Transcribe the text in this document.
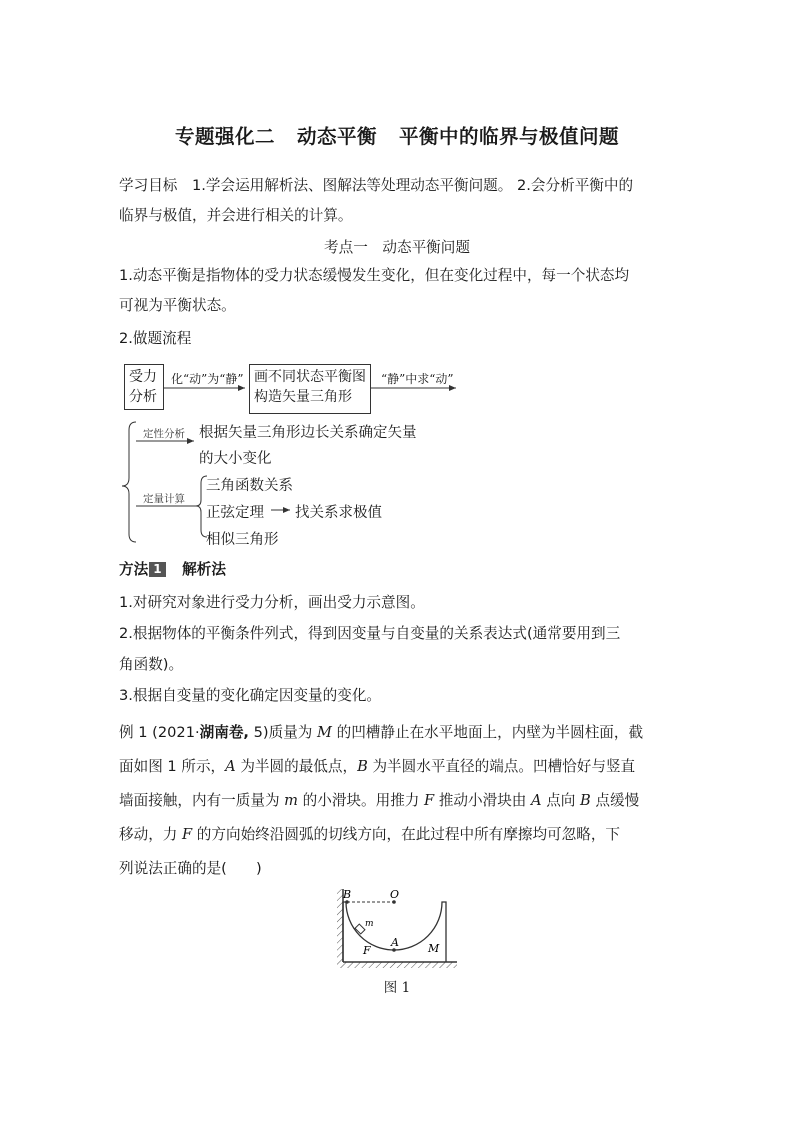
专题强化二 动态平衡 平衡中的临界与极值问题
学习目标　1.学会运用解析法、图解法等处理动态平衡问题。 2.会分析平衡中的
临界与极值，并会进行相关的计算。
考点一　动态平衡问题
1.动态平衡是指物体的受力状态缓慢发生变化，但在变化过程中，每一个状态均
可视为平衡状态。
2.做题流程
受力
分析
化“动”为“静” 画不同状态平衡图
构造矢量三角形
“静”中求“动”
定性分析 根据矢量三角形边长关系确定矢量
的大小变化
定量计算
三角函数关系
正弦定理
相似三角形
找关系求极值
方法 1　 解析法
1.对研究对象进行受力分析，画出受力示意图。
2.根据物体的平衡条件列式，得到因变量与自变量的关系表达式(通常要用到三
角函数)。
3.根据自变量的变化确定因变量的变化。
例 1 (2021·湖南卷, 5)质量为 M 的凹槽静止在水平地面上，内壁为半圆柱面，截
面如图 1 所示，A 为半圆的最低点，B 为半圆水平直径的端点。凹槽恰好与竖直
墙面接触，内有一质量为 m 的小滑块。用推力 F 推动小滑块由 A 点向 B 点缓慢
移动，力 F 的方向始终沿圆弧的切线方向，在此过程中所有摩擦均可忽略，下
列说法正确的是(　　)
B	O
m
F
A	M
图 1
